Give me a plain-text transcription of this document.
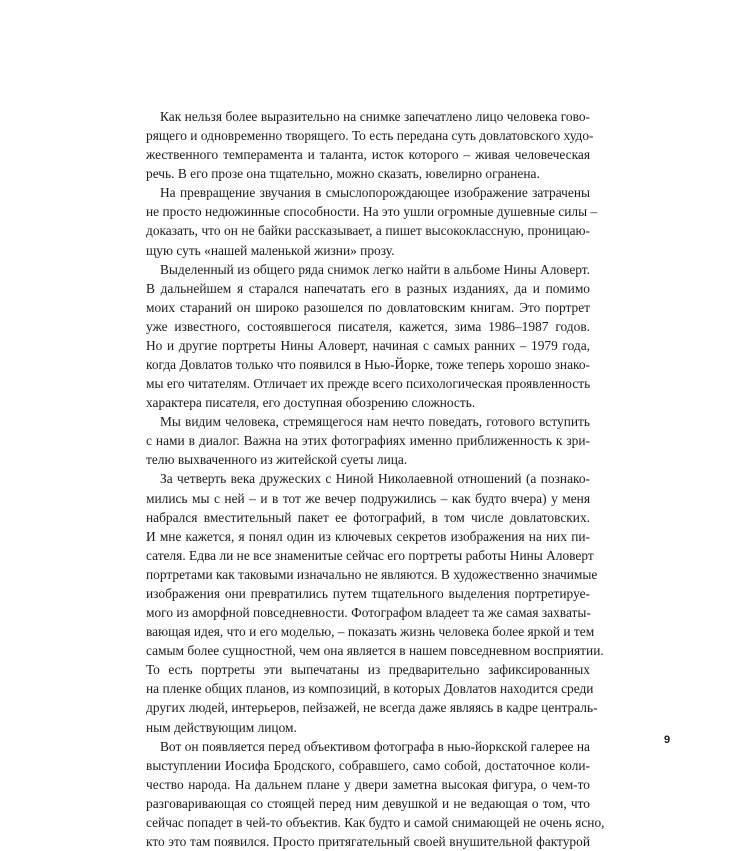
Как нельзя более выразительно на снимке запечатлено лицо человека гово-
рящего и одновременно творящего. То есть передана суть довлатовского худо-
жественного темперамента и таланта, исток которого – живая человеческая
речь. В его прозе она тщательно, можно сказать, ювелирно огранена.
На превращение звучания в смыслопорождающее изображение затрачены
не просто недюжинные способности. На это ушли огромные душевные силы –
доказать, что он не байки рассказывает, а пишет высококлассную, проницаю-
щую суть «нашей маленькой жизни» прозу.
Выделенный из общего ряда снимок легко найти в альбоме Нины Аловерт.
В дальнейшем я старался напечатать его в разных изданиях, да и помимо
моих стараний он широко разошелся по довлатовским книгам. Это портрет
уже известного, состоявшегося писателя, кажется, зима 1986–1987 годов.
Но и другие портреты Нины Аловерт, начиная с самых ранних – 1979 года,
когда Довлатов только что появился в Нью-Йорке, тоже теперь хорошо знако-
мы его читателям. Отличает их прежде всего психологическая проявленность
характера писателя, его доступная обозрению сложность.
Мы видим человека, стремящегося нам нечто поведать, готового вступить
с нами в диалог. Важна на этих фотографиях именно приближенность к зри-
телю выхваченного из житейской суеты лица.
За четверть века дружеских с Ниной Николаевной отношений (а познако-
мились мы с ней – и в тот же вечер подружились – как будто вчера) у меня
набрался вместительный пакет ее фотографий, в том числе довлатовских.
И мне кажется, я понял один из ключевых секретов изображения на них пи-
сателя. Едва ли не все знаменитые сейчас его портреты работы Нины Аловерт
портретами как таковыми изначально не являются. В художественно значимые
изображения они превратились путем тщательного выделения портретируе-
мого из аморфной повседневности. Фотографом владеет та же самая захваты-
вающая идея, что и его моделью, – показать жизнь человека более яркой и тем
самым более сущностной, чем она является в нашем повседневном восприятии.
То есть портреты эти выпечатаны из предварительно зафиксированных
на пленке общих планов, из композиций, в которых Довлатов находится среди
других людей, интерьеров, пейзажей, не всегда даже являясь в кадре централь-
ным действующим лицом.
Вот он появляется перед объективом фотографа в нью-йоркской галерее на
выступлении Иосифа Бродского, собравшего, само собой, достаточное коли-
чество народа. На дальнем плане у двери заметна высокая фигура, о чем-то
разговаривающая со стоящей перед ним девушкой и не ведающая о том, что
сейчас попадет в чей-то объектив. Как будто и самой снимающей не очень ясно,
кто это там появился. Просто притягательный своей внушительной фактурой
9
